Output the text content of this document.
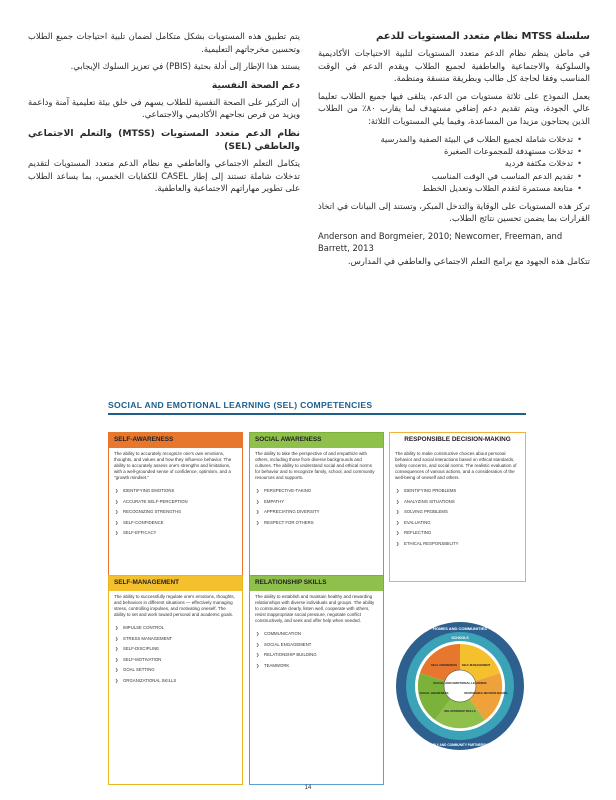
سلسلة MTSS نظام متعدد المستويات للدعم

في ماطن ينظم نظام الدعم متعدد المستويات لتلبية الاحتياجات الأكاديمية والسلوكية والاجتماعية والعاطفية لجميع الطلاب ويقدم الدعم في الوقت المناسب وفقا لحاجة كل طالب وبطريقة منسقة ومنظمة.

يعمل النموذج على ثلاثة مستويات من الدعم، يتلقى فيها جميع الطلاب تعليما عالي الجودة، ويتم تقديم دعم إضافي مستهدف لما يقارب ٨٠٪ من الطلاب الذين يحتاجون مزيدا من المساعدة، وفيما يلي المستويات الثلاثة:

• تدخلات شاملة لجميع الطلاب في البيئة الصفية والمدرسية
• تدخلات مستهدفة للمجموعات الصغيرة
• تدخلات مكثفة فردية
• تقديم الدعم المناسب في الوقت المناسب
• متابعة مستمرة لتقدم الطلاب وتعديل الخطط

تركز هذه المستويات على الوقاية والتدخل المبكر، وتستند إلى البيانات في اتخاذ القرارات بما يضمن تحسين نتائج الطلاب.

Anderson and Borgmeier, 2010; Newcomer, Freeman, and Barrett, 2013

تتكامل هذه الجهود مع برامج التعلم الاجتماعي والعاطفي في المدارس.

يتم تطبيق هذه المستويات بشكل متكامل لضمان تلبية احتياجات جميع الطلاب وتحسين مخرجاتهم التعليمية.

يستند هذا الإطار إلى أدلة بحثية (PBIS) في تعزيز السلوك الإيجابي.

دعم الصحة النفسية

إن التركيز على الصحة النفسية للطلاب يسهم في خلق بيئة تعليمية آمنة وداعمة ويزيد من فرص نجاحهم الأكاديمي والاجتماعي.

نظام الدعم متعدد المستويات (MTSS) والتعلم الاجتماعي والعاطفي (SEL)

يتكامل التعلم الاجتماعي والعاطفي مع نظام الدعم متعدد المستويات لتقديم تدخلات شاملة تستند إلى إطار CASEL للكفايات الخمس، بما يساعد الطلاب على تطوير مهاراتهم الاجتماعية والعاطفية.

SOCIAL AND EMOTIONAL LEARNING (SEL) COMPETENCIES
SELF-AWARENESS
The ability to accurately recognize one's own emotions, thoughts, and values and how they influence behavior. The ability to accurately assess one's strengths and limitations, with a well-grounded sense of confidence, optimism, and a "growth mindset."
❯ IDENTIFYING EMOTIONS
❯ ACCURATE SELF-PERCEPTION
❯ RECOGNIZING STRENGTHS
❯ SELF-CONFIDENCE
❯ SELF-EFFICACY
SOCIAL AWARENESS
The ability to take the perspective of and empathize with others, including those from diverse backgrounds and cultures. The ability to understand social and ethical norms for behavior and to recognize family, school, and community resources and supports.
❯ PERSPECTIVE-TAKING
❯ EMPATHY
❯ APPRECIATING DIVERSITY
❯ RESPECT FOR OTHERS
RESPONSIBLE DECISION-MAKING
The ability to make constructive choices about personal behavior and social interactions based on ethical standards, safety concerns, and social norms. The realistic evaluation of consequences of various actions, and a consideration of the well-being of oneself and others.
❯ IDENTIFYING PROBLEMS
❯ ANALYZING SITUATIONS
❯ SOLVING PROBLEMS
❯ EVALUATING
❯ REFLECTING
❯ ETHICAL RESPONSIBILITY
SELF-MANAGEMENT
The ability to successfully regulate one's emotions, thoughts, and behaviors in different situations — effectively managing stress, controlling impulses, and motivating oneself. The ability to set and work toward personal and academic goals.
❯ IMPULSE CONTROL
❯ STRESS MANAGEMENT
❯ SELF-DISCIPLINE
❯ SELF-MOTIVATION
❯ GOAL SETTING
❯ ORGANIZATIONAL SKILLS
RELATIONSHIP SKILLS
The ability to establish and maintain healthy and rewarding relationships with diverse individuals and groups. The ability to communicate clearly, listen well, cooperate with others, resist inappropriate social pressure, negotiate conflict constructively, and seek and offer help when needed.
❯ COMMUNICATION
❯ SOCIAL ENGAGEMENT
❯ RELATIONSHIP BUILDING
❯ TEAMWORK
HOMES AND COMMUNITIES
SCHOOLS
FAMILY AND COMMUNITY PARTNERSHIPS
SOCIAL AND EMOTIONAL LEARNING
SELF-AWARENESS SELF-MANAGEMENT
RESPONSIBLE DECISION-MAKING
RELATIONSHIP SKILLS
SOCIAL AWARENESS
14
